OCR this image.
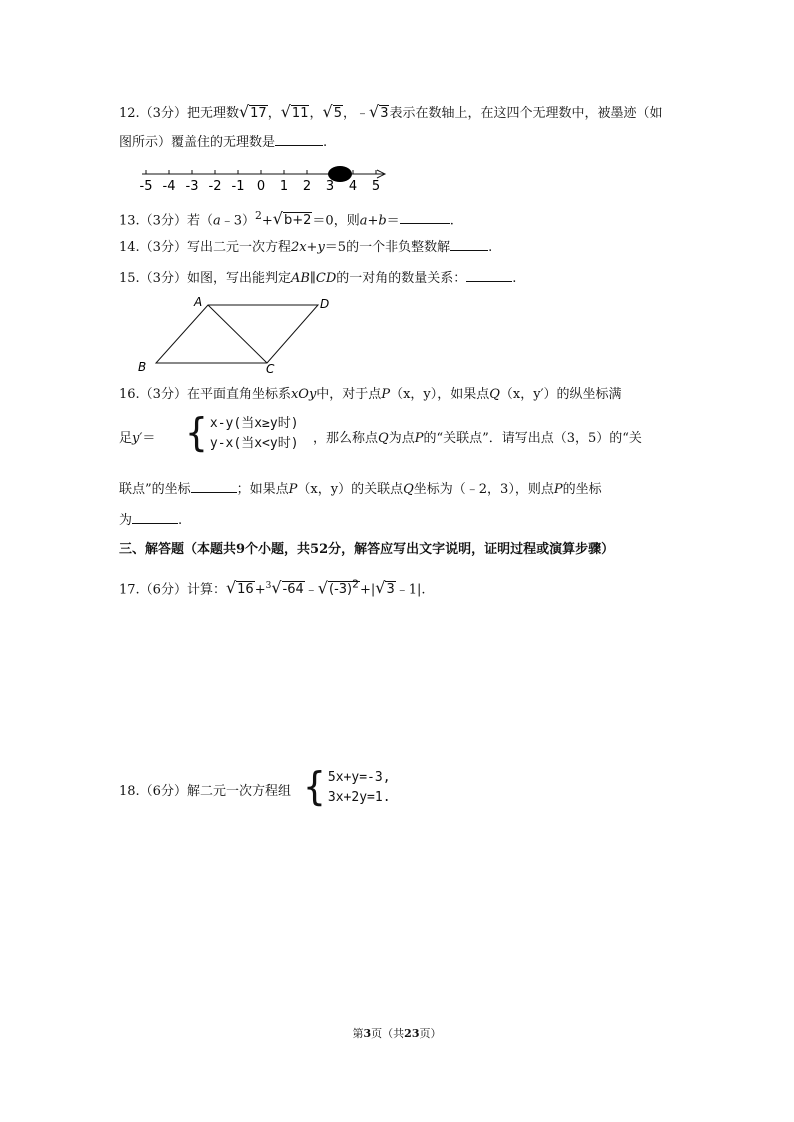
12.（3分）把无理数√17，√11，√5，﹣√3表示在数轴上，在这四个无理数中，被墨迹（如
图所示）覆盖住的无理数是	.
-5 -4 -3 -2 -1 0 1 2 3 4 5
13.（3分）若（a﹣3）$^2$+√b+2＝0，则a+b＝	.
14.（3分）写出二元一次方程2x+y＝5的一个非负整数解	.
15.（3分）如图，写出能判定AB∥CD的一对角的数量关系：	.
A	D
B	C
16.（3分）在平面直角坐标系xOy中，对于点P（x，y），如果点Q（x，y′）的纵坐标满
足y′＝ { x-y(当x≥y时)
y-x(当x<y时) ，那么称点Q为点P的“关联点”．请写出点（3，5）的“关
联点”的坐标	；如果点P（x，y）的关联点Q坐标为（﹣2，3），则点P的坐标
为	.
三、解答题（本题共9个小题，共52分，解答应写出文字说明，证明过程或演算步骤）
17.（6分）计算：$√16+^3√-64﹣√(-3)^2+|√3﹣1|$.
18.（6分）解二元一次方程组 { 5x+y=-3,
3x+2y=1.
第3页（共23页）
